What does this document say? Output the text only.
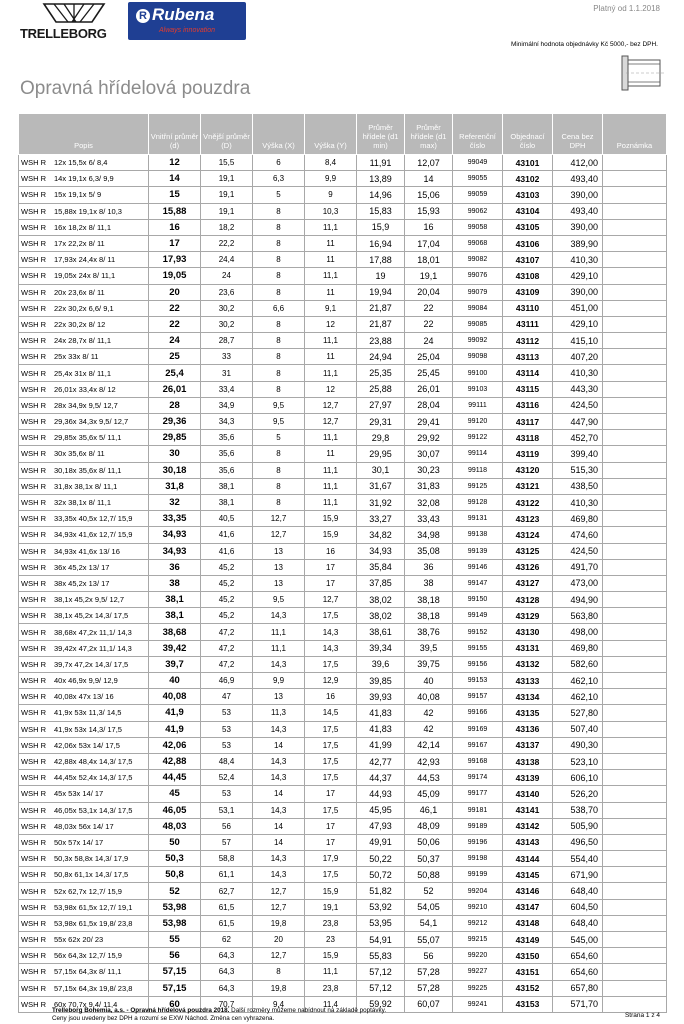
Platný od 1.1.2018
TRELLEBORG
R Rubena
Always innovation
Minimální hodnota objednávky Kč 5000,- bez DPH.
Opravná hřídelová pouzdra
Popis	Vnitřní průměr (d)	Vnější průměr (D)	Výška (X)	Výška (Y)	Průměr hřídele (d1 min)	Průměr hřídele (d1 max)	Referenční číslo	Objednací číslo	Cena bez DPH	Poznámka
WSH R 12x 15,5x 6/ 8,4	12	15,5	6	8,4	11,91	12,07	99049	43101	412,00	
WSH R 14x 19,1x 6,3/ 9,9	14	19,1	6,3	9,9	13,89	14	99055	43102	493,40	
WSH R 15x 19,1x 5/ 9	15	19,1	5	9	14,96	15,06	99059	43103	390,00	
WSH R 15,88x 19,1x 8/ 10,3	15,88	19,1	8	10,3	15,83	15,93	99062	43104	493,40	
WSH R 16x 18,2x 8/ 11,1	16	18,2	8	11,1	15,9	16	99058	43105	390,00	
WSH R 17x 22,2x 8/ 11	17	22,2	8	11	16,94	17,04	99068	43106	389,90	
WSH R 17,93x 24,4x 8/ 11	17,93	24,4	8	11	17,88	18,01	99082	43107	410,30	
WSH R 19,05x 24x 8/ 11,1	19,05	24	8	11,1	19	19,1	99076	43108	429,10	
WSH R 20x 23,6x 8/ 11	20	23,6	8	11	19,94	20,04	99079	43109	390,00	
WSH R 22x 30,2x 6,6/ 9,1	22	30,2	6,6	9,1	21,87	22	99084	43110	451,00	
WSH R 22x 30,2x 8/ 12	22	30,2	8	12	21,87	22	99085	43111	429,10	
WSH R 24x 28,7x 8/ 11,1	24	28,7	8	11,1	23,88	24	99092	43112	415,10	
WSH R 25x 33x 8/ 11	25	33	8	11	24,94	25,04	99098	43113	407,20	
WSH R 25,4x 31x 8/ 11,1	25,4	31	8	11,1	25,35	25,45	99100	43114	410,30	
WSH R 26,01x 33,4x 8/ 12	26,01	33,4	8	12	25,88	26,01	99103	43115	443,30	
WSH R 28x 34,9x 9,5/ 12,7	28	34,9	9,5	12,7	27,97	28,04	99111	43116	424,50	
WSH R 29,36x 34,3x 9,5/ 12,7	29,36	34,3	9,5	12,7	29,31	29,41	99120	43117	447,90	
WSH R 29,85x 35,6x 5/ 11,1	29,85	35,6	5	11,1	29,8	29,92	99122	43118	452,70	
WSH R 30x 35,6x 8/ 11	30	35,6	8	11	29,95	30,07	99114	43119	399,40	
WSH R 30,18x 35,6x 8/ 11,1	30,18	35,6	8	11,1	30,1	30,23	99118	43120	515,30	
WSH R 31,8x 38,1x 8/ 11,1	31,8	38,1	8	11,1	31,67	31,83	99125	43121	438,50	
WSH R 32x 38,1x 8/ 11,1	32	38,1	8	11,1	31,92	32,08	99128	43122	410,30	
WSH R 33,35x 40,5x 12,7/ 15,9	33,35	40,5	12,7	15,9	33,27	33,43	99131	43123	469,80	
WSH R 34,93x 41,6x 12,7/ 15,9	34,93	41,6	12,7	15,9	34,82	34,98	99138	43124	474,60	
WSH R 34,93x 41,6x 13/ 16	34,93	41,6	13	16	34,93	35,08	99139	43125	424,50	
WSH R 36x 45,2x 13/ 17	36	45,2	13	17	35,84	36	99146	43126	491,70	
WSH R 38x 45,2x 13/ 17	38	45,2	13	17	37,85	38	99147	43127	473,00	
WSH R 38,1x 45,2x 9,5/ 12,7	38,1	45,2	9,5	12,7	38,02	38,18	99150	43128	494,90	
WSH R 38,1x 45,2x 14,3/ 17,5	38,1	45,2	14,3	17,5	38,02	38,18	99149	43129	563,80	
WSH R 38,68x 47,2x 11,1/ 14,3	38,68	47,2	11,1	14,3	38,61	38,76	99152	43130	498,00	
WSH R 39,42x 47,2x 11,1/ 14,3	39,42	47,2	11,1	14,3	39,34	39,5	99155	43131	469,80	
WSH R 39,7x 47,2x 14,3/ 17,5	39,7	47,2	14,3	17,5	39,6	39,75	99156	43132	582,60	
WSH R 40x 46,9x 9,9/ 12,9	40	46,9	9,9	12,9	39,85	40	99153	43133	462,10	
WSH R 40,08x 47x 13/ 16	40,08	47	13	16	39,93	40,08	99157	43134	462,10	
WSH R 41,9x 53x 11,3/ 14,5	41,9	53	11,3	14,5	41,83	42	99166	43135	527,80	
WSH R 41,9x 53x 14,3/ 17,5	41,9	53	14,3	17,5	41,83	42	99169	43136	507,40	
WSH R 42,06x 53x 14/ 17,5	42,06	53	14	17,5	41,99	42,14	99167	43137	490,30	
WSH R 42,88x 48,4x 14,3/ 17,5	42,88	48,4	14,3	17,5	42,77	42,93	99168	43138	523,10	
WSH R 44,45x 52,4x 14,3/ 17,5	44,45	52,4	14,3	17,5	44,37	44,53	99174	43139	606,10	
WSH R 45x 53x 14/ 17	45	53	14	17	44,93	45,09	99177	43140	526,20	
WSH R 46,05x 53,1x 14,3/ 17,5	46,05	53,1	14,3	17,5	45,95	46,1	99181	43141	538,70	
WSH R 48,03x 56x 14/ 17	48,03	56	14	17	47,93	48,09	99189	43142	505,90	
WSH R 50x 57x 14/ 17	50	57	14	17	49,91	50,06	99196	43143	496,50	
WSH R 50,3x 58,8x 14,3/ 17,9	50,3	58,8	14,3	17,9	50,22	50,37	99198	43144	554,40	
WSH R 50,8x 61,1x 14,3/ 17,5	50,8	61,1	14,3	17,5	50,72	50,88	99199	43145	671,90	
WSH R 52x 62,7x 12,7/ 15,9	52	62,7	12,7	15,9	51,82	52	99204	43146	648,40	
WSH R 53,98x 61,5x 12,7/ 19,1	53,98	61,5	12,7	19,1	53,92	54,05	99210	43147	604,50	
WSH R 53,98x 61,5x 19,8/ 23,8	53,98	61,5	19,8	23,8	53,95	54,1	99212	43148	648,40	
WSH R 55x 62x 20/ 23	55	62	20	23	54,91	55,07	99215	43149	545,00	
WSH R 56x 64,3x 12,7/ 15,9	56	64,3	12,7	15,9	55,83	56	99220	43150	654,60	
WSH R 57,15x 64,3x 8/ 11,1	57,15	64,3	8	11,1	57,12	57,28	99227	43151	654,60	
WSH R 57,15x 64,3x 19,8/ 23,8	57,15	64,3	19,8	23,8	57,12	57,28	99225	43152	657,80	
WSH R 60x 70,7x 9,4/ 11,4	60	70,7	9,4	11,4	59,92	60,07	99241	43153	571,70	
Trelleborg Bohemia, a.s. - Opravná hřídelová pouzdra 2018. Další rozměry můžeme nabídnout na základě poptávky.
Ceny jsou uvedeny bez DPH a rozumí se EXW Náchod. Změna cen vyhrazena.	Strana 1 z 4
